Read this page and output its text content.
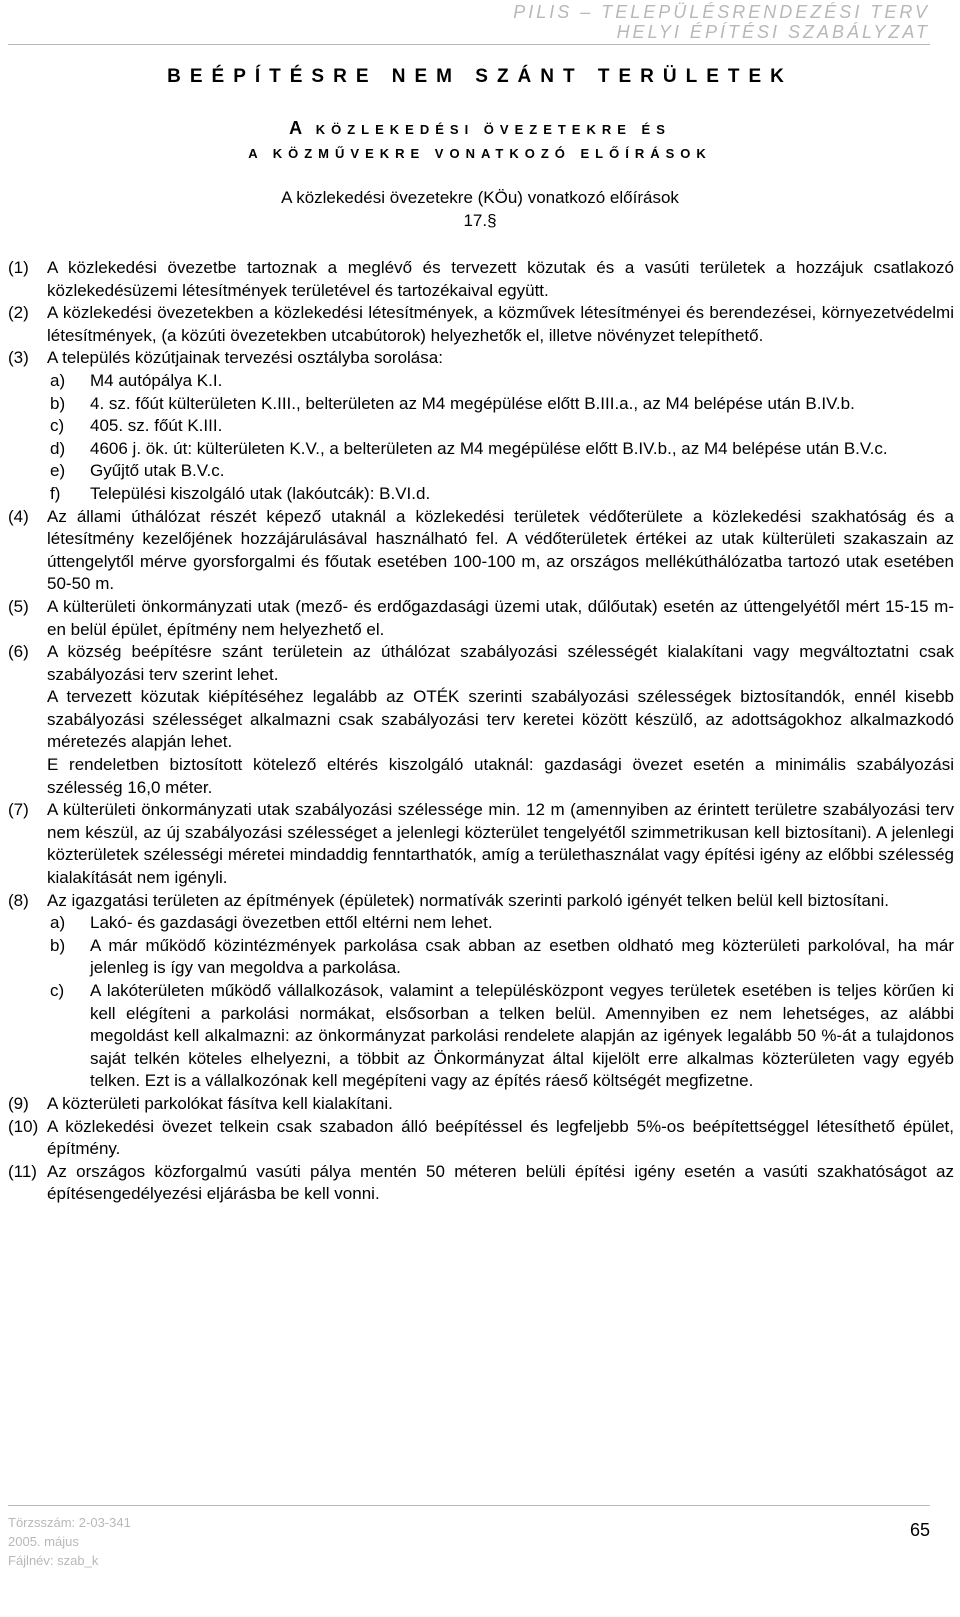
PILIS – TELEPÜLÉSRENDEZÉSI TERV
HELYI ÉPÍTÉSI SZABÁLYZAT
BEÉPÍTÉSRE NEM SZÁNT TERÜLETEK
A KÖZLEKEDÉSI ÖVEZETEKRE ÉS
A KÖZMŰVEKRE VONATKOZÓ ELŐÍRÁSOK
A közlekedési övezetekre (KÖu) vonatkozó előírások
17.§
(1) A közlekedési övezetbe tartoznak a meglévő és tervezett közutak és a vasúti területek a hozzájuk csatlakozó közlekedésüzemi létesítmények területével és tartozékaival együtt.
(2) A közlekedési övezetekben a közlekedési létesítmények, a közművek létesítményei és berendezései, környezetvédelmi létesítmények, (a közúti övezetekben utcabútorok) helyezhetők el, illetve növényzet telepíthető.
(3) A település közútjainak tervezési osztályba sorolása:
a) M4 autópálya K.I.
b) 4. sz. főút külterületen K.III., belterületen az M4 megépülése előtt B.III.a., az M4 belépése után B.IV.b.
c) 405. sz. főút K.III.
d) 4606 j. ök. út: külterületen K.V., a belterületen az M4 megépülése előtt B.IV.b., az M4 belépése után B.V.c.
e) Gyűjtő utak B.V.c.
f) Települési kiszolgáló utak (lakóutcák): B.VI.d.
(4) Az állami úthálózat részét képező utaknál a közlekedési területek védőterülete a közlekedési szakhatóság és a létesítmény kezelőjének hozzájárulásával használható fel. A védőterületek értékei az utak külterületi szakaszain az úttengelytől mérve gyorsforgalmi és főutak esetében 100-100 m, az országos mellékúthálózatba tartozó utak esetében 50-50 m.
(5) A külterületi önkormányzati utak (mező- és erdőgazdasági üzemi utak, dűlőutak) esetén az úttengelyétől mért 15-15 m-en belül épület, építmény nem helyezhető el.
(6) A község beépítésre szánt területein az úthálózat szabályozási szélességét kialakítani vagy megváltoztatni csak szabályozási terv szerint lehet.
A tervezett közutak kiépítéséhez legalább az OTÉK szerinti szabályozási szélességek biztosítandók, ennél kisebb szabályozási szélességet alkalmazni csak szabályozási terv keretei között készülő, az adottságokhoz alkalmazkodó méretezés alapján lehet.
E rendeletben biztosított kötelező eltérés kiszolgáló utaknál: gazdasági övezet esetén a minimális szabályozási szélesség 16,0 méter.
(7) A külterületi önkormányzati utak szabályozási szélessége min. 12 m (amennyiben az érintett területre szabályozási terv nem készül, az új szabályozási szélességet a jelenlegi közterület tengelyétől szimmetrikusan kell biztosítani). A jelenlegi közterületek szélességi méretei mindaddig fenntarthatók, amíg a területhasználat vagy építési igény az előbbi szélesség kialakítását nem igényli.
(8) Az igazgatási területen az építmények (épületek) normatívák szerinti parkoló igényét telken belül kell biztosítani.
a) Lakó- és gazdasági övezetben ettől eltérni nem lehet.
b) A már működő közintézmények parkolása csak abban az esetben oldható meg közterületi parkolóval, ha már jelenleg is így van megoldva a parkolása.
c) A lakóterületen működő vállalkozások, valamint a településközpont vegyes területek esetében is teljes körűen ki kell elégíteni a parkolási normákat, elsősorban a telken belül. Amennyiben ez nem lehetséges, az alábbi megoldást kell alkalmazni: az önkormányzat parkolási rendelete alapján az igények legalább 50 %-át a tulajdonos saját telkén köteles elhelyezni, a többit az Önkormányzat által kijelölt erre alkalmas közterületen vagy egyéb telken. Ezt is a vállalkozónak kell megépíteni vagy az építés ráeső költségét megfizetne.
(9) A közterületi parkolókat fásítva kell kialakítani.
(10) A közlekedési övezet telkein csak szabadon álló beépítéssel és legfeljebb 5%-os beépítettséggel létesíthető épület, építmény.
(11) Az országos közforgalmú vasúti pálya mentén 50 méteren belüli építési igény esetén a vasúti szakhatóságot az építésengedélyezési eljárásba be kell vonni.
Törzsszám: 2-03-341
2005. május
Fájlnév: szab_k
65
